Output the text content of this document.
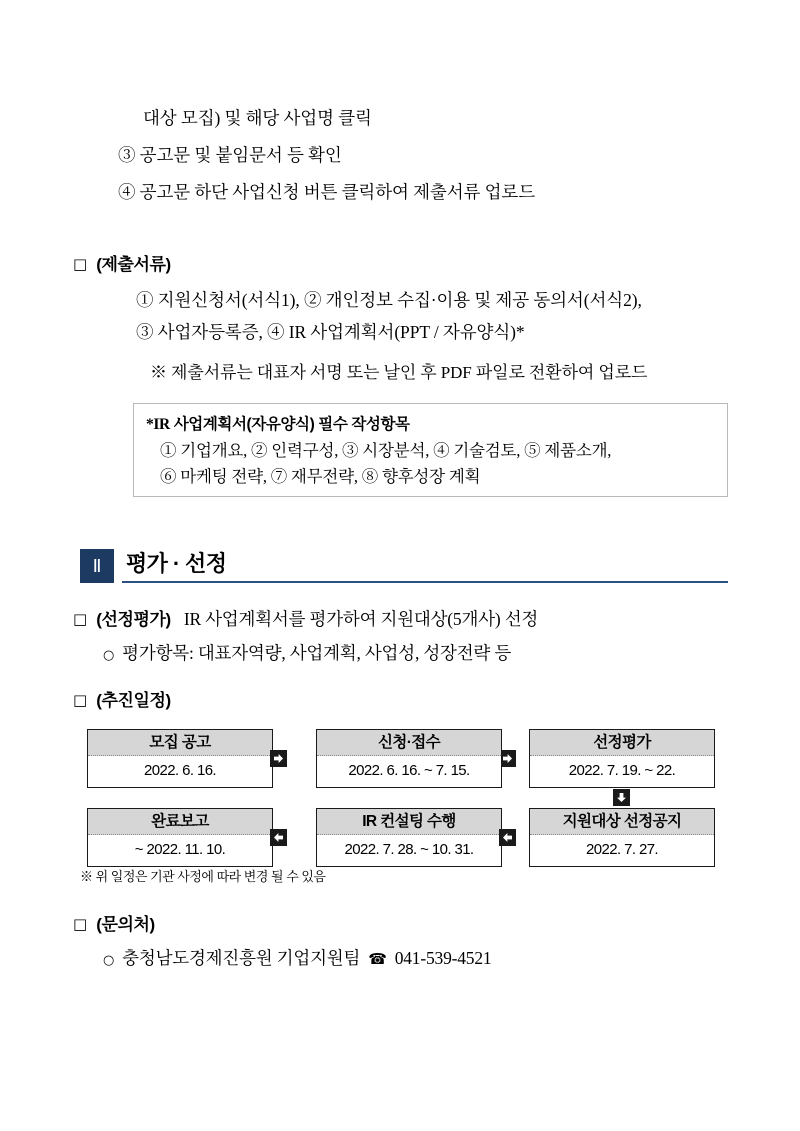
대상 모집) 및 해당 사업명 클릭
③ 공고문 및 붙임문서 등 확인
④ 공고문 하단 사업신청 버튼 클릭하여 제출서류 업로드
□ (제출서류)
① 지원신청서(서식1), ② 개인정보 수집·이용 및 제공 동의서(서식2),
③ 사업자등록증, ④ IR 사업계획서(PPT / 자유양식)*
※ 제출서류는 대표자 서명 또는 날인 후 PDF 파일로 전환하여 업로드
*IR 사업계획서(자유양식) 필수 작성항목
① 기업개요, ② 인력구성, ③ 시장분석, ④ 기술검토, ⑤ 제품소개,
⑥ 마케팅 전략, ⑦ 재무전략, ⑧ 향후성장 계획
Ⅱ	평가 · 선정
□ (선정평가) IR 사업계획서를 평가하여 지원대상(5개사) 선정
○ 평가항목: 대표자역량, 사업계획, 사업성, 성장전략 등
□ (추진일정)
모집 공고
2022. 6. 16.
신청·접수
2022. 6. 16. ~ 7. 15.
선정평가
2022. 7. 19. ~ 22.
완료보고
~ 2022. 11. 10.
IR 컨설팅 수행
2022. 7. 28. ~ 10. 31.
지원대상 선정공지
2022. 7. 27.
※ 위 일정은 기관 사정에 따라 변경 될 수 있음
□ (문의처)
○ 충청남도경제진흥원 기업지원팀 ☎ 041-539-4521
